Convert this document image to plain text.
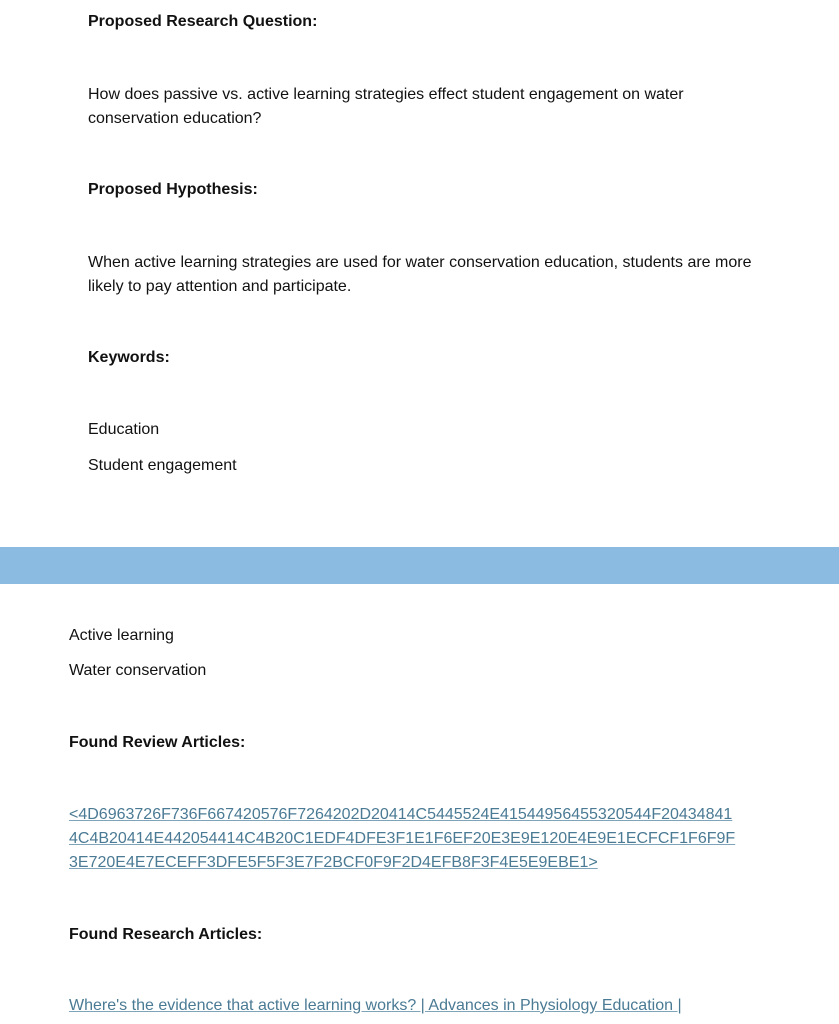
Proposed Research Question:
How does passive vs. active learning strategies effect student engagement on water conservation education?
Proposed Hypothesis:
When active learning strategies are used for water conservation education, students are more likely to pay attention and participate.
Keywords:
Education
Student engagement
Active learning
Water conservation
Found Review Articles:
<4D6963726F736F667420576F7264202D20414C5445524E41544956455320544F204348414C4B20414E442054414C4B20C1EDF4DFE3F1E1F6EF20E3E9E120E4E9E1ECFCF1F6F9F3E720E4E7ECEFF3DFE5F5F3E7F2BCF0F9F2D4EFB8F3F4E5E9EBE1>
Found Research Articles:
Where's the evidence that active learning works? | Advances in Physiology Education |
